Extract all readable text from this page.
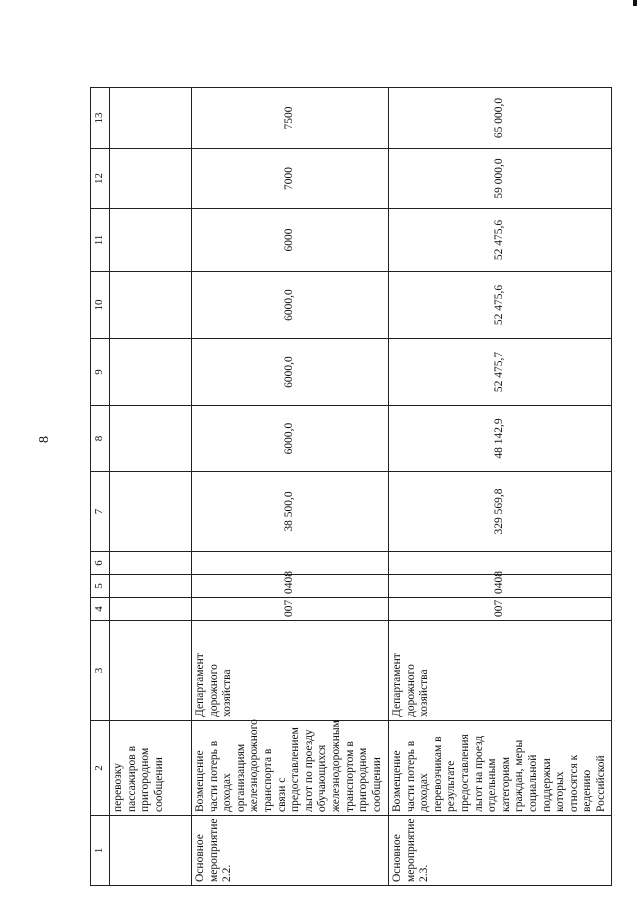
8
1	2	3	4	5	6	7	8	9	10	11	12	13
	перевозку пассажиров в пригородном сообщении											
Основное мероприятие 2.2.	Возмещение части потерь в доходах организациям железнодорожного транспорта в связи с предоставлением льгот по проезду обучающихся железнодорожным транспортом в пригородном сообщении	Департамент дорожного хозяйства	007	0408		38 500,0	6000,0	6000,0	6000,0	6000	7000	7500
Основное мероприятие 2.3.	Возмещение части потерь в доходах перевозчикам в результате предоставления льгот на проезд отдельным категориям граждан, меры социальной поддержки которых относятся к ведению Российской	Департамент дорожного хозяйства	007	0408		329 569,8	48 142,9	52 475,7	52 475,6	52 475,6	59 000,0	65 000,0
